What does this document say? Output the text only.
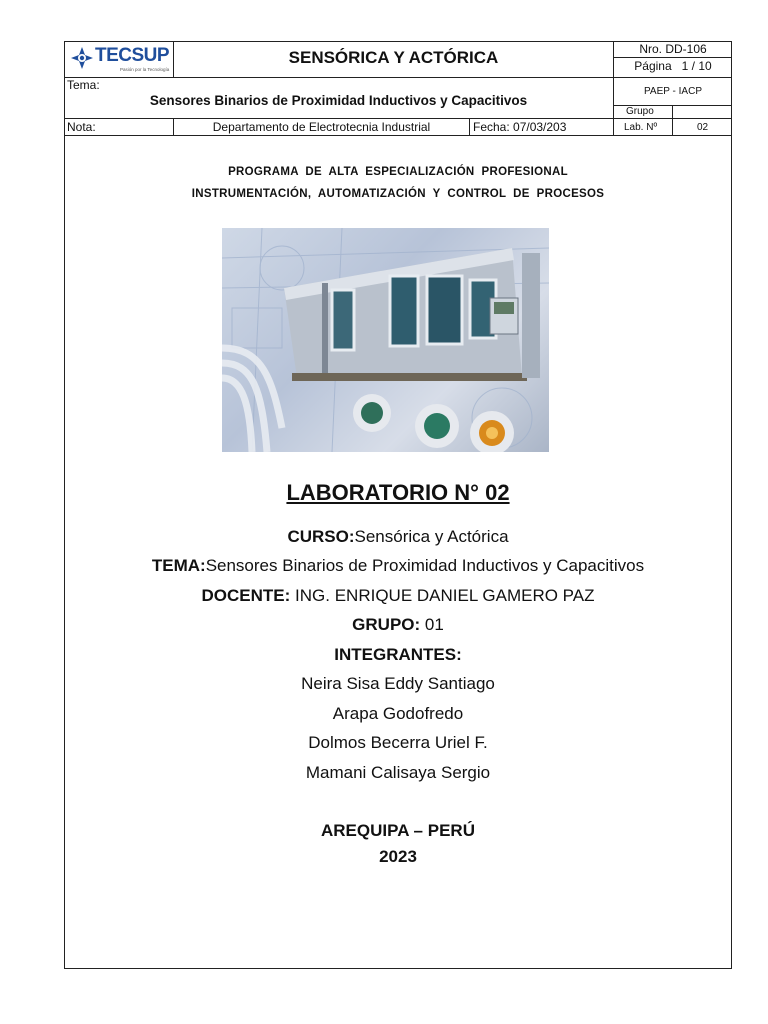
TECSUP
Pasión por la Tecnología
SENSÓRICA Y ACTÓRICA	Nro. DD-106
Página 1 / 10
Tema:
Sensores Binarios de Proximidad Inductivos y Capacitivos
PAEP - IACP
Grupo
Nota:	Departamento de Electrotecnia Industrial	Fecha: 07/03/203	Lab. Nº	02
PROGRAMA  DE  ALTA  ESPECIALIZACIÓN  PROFESIONAL
INSTRUMENTACIÓN,  AUTOMATIZACIÓN  Y  CONTROL  DE  PROCESOS
LABORATORIO N° 02
CURSO:Sensórica y Actórica
TEMA:Sensores Binarios de Proximidad Inductivos y Capacitivos
DOCENTE: ING. ENRIQUE DANIEL GAMERO PAZ
GRUPO: 01
INTEGRANTES:
Neira Sisa Eddy Santiago
Arapa Godofredo
Dolmos Becerra Uriel F.
Mamani Calisaya Sergio
AREQUIPA – PERÚ
2023
